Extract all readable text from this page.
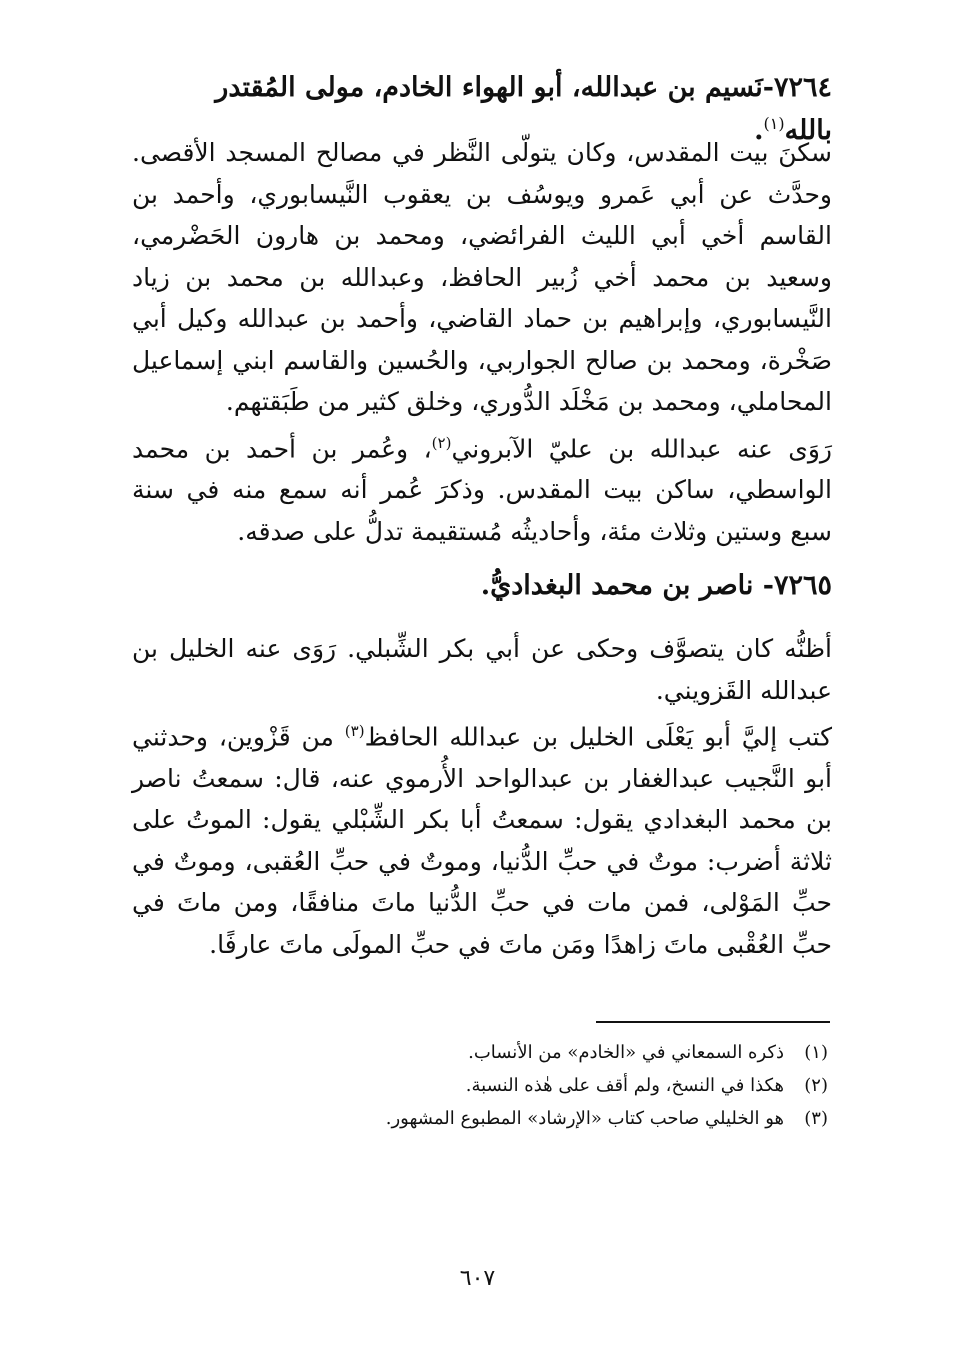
٧٢٦٤-نَسيم بن عبدالله، أبو الهواء الخادم، مولى المُقتدر بالله$^{(١)}$.

سكنَ بيت المقدس، وكان يتولّى النَّظر في مصالح المسجد الأقصى. وحدَّث عن أبي عَمرو ويوسُف بن يعقوب النَّيسابوري، وأحمد بن القاسم أخي أبي الليث الفرائضي، ومحمد بن هارون الحَضْرمي، وسعيد بن محمد أخي زُبير الحافظ، وعبدالله بن محمد بن زياد النَّيسابوري، وإبراهيم بن حماد القاضي، وأحمد بن عبدالله وكيل أبي صَخْرة، ومحمد بن صالح الجواربي، والحُسين والقاسم ابني إسماعيل المحاملي، ومحمد بن مَخْلَد الدُّوري، وخلق كثير من طَبَقتهم.

رَوَى عنه عبدالله بن عليّ الآبروني$^{(٢)}$، وعُمر بن أحمد بن محمد الواسطي، ساكن بيت المقدس. وذكرَ عُمر أنه سمع منه في سنة سبع وستين وثلاث مئة، وأحاديثُه مُستقيمة تدلُّ على صدقه.

٧٢٦٥- ناصر بن محمد البغداديُّ.

أظنُّه كان يتصوَّف وحكى عن أبي بكر الشِّبلي. رَوَى عنه الخليل بن عبدالله القَزويني.

كتب إليَّ أبو يَعْلَى الخليل بن عبدالله الحافظ$^{(٣)}$ من قَزْوين، وحدثني أبو النَّجيب عبدالغفار بن عبدالواحد الأُرموي عنه، قال: سمعتُ ناصر بن محمد البغدادي يقول: سمعتُ أبا بكر الشِّبْلي يقول: الموتُ على ثلاثة أضرب: موتٌ في حبِّ الدُّنيا، وموتٌ في حبِّ العُقبى، وموتٌ في حبِّ المَوْلى، فمن مات في حبِّ الدُّنيا ماتَ منافقًا، ومن ماتَ في حبِّ العُقْبى ماتَ زاهدًا ومَن ماتَ في حبِّ المولَى ماتَ عارفًا.

(١)ذكره السمعاني في «الخادم» من الأنساب.

(٢)هكذا في النسخ، ولم أقف على هٰذه النسبة.

(٣)هو الخليلي صاحب كتاب «الإرشاد» المطبوع المشهور.

٦٠٧
